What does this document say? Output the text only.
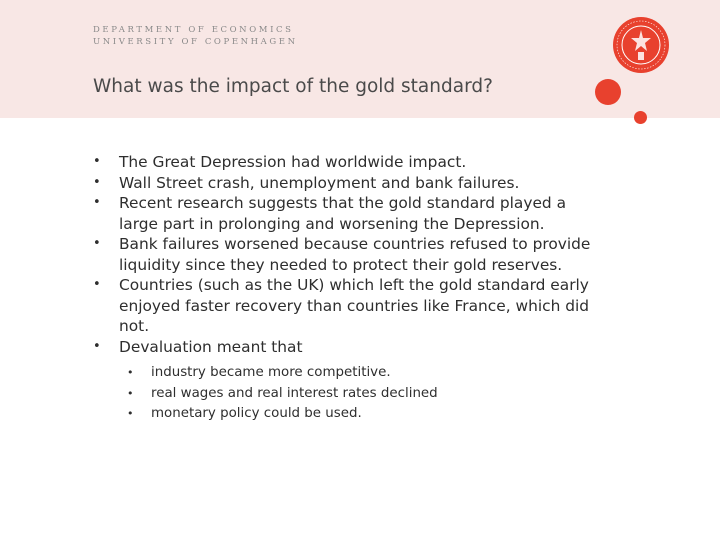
DEPARTMENT OF ECONOMICS
UNIVERSITY OF COPENHAGEN
What was the impact of the gold standard?
• The Great Depression had worldwide impact.
• Wall Street crash, unemployment and bank failures.
• Recent research suggests that the gold standard played a large part in prolonging and worsening the Depression.
• Bank failures worsened because countries refused to provide liquidity since they needed to protect their gold reserves.
• Countries (such as the UK) which left the gold standard early enjoyed faster recovery than countries like France, which did not.
• Devaluation meant that
• industry became more competitive.
• real wages and real interest rates declined
• monetary policy could be used.
